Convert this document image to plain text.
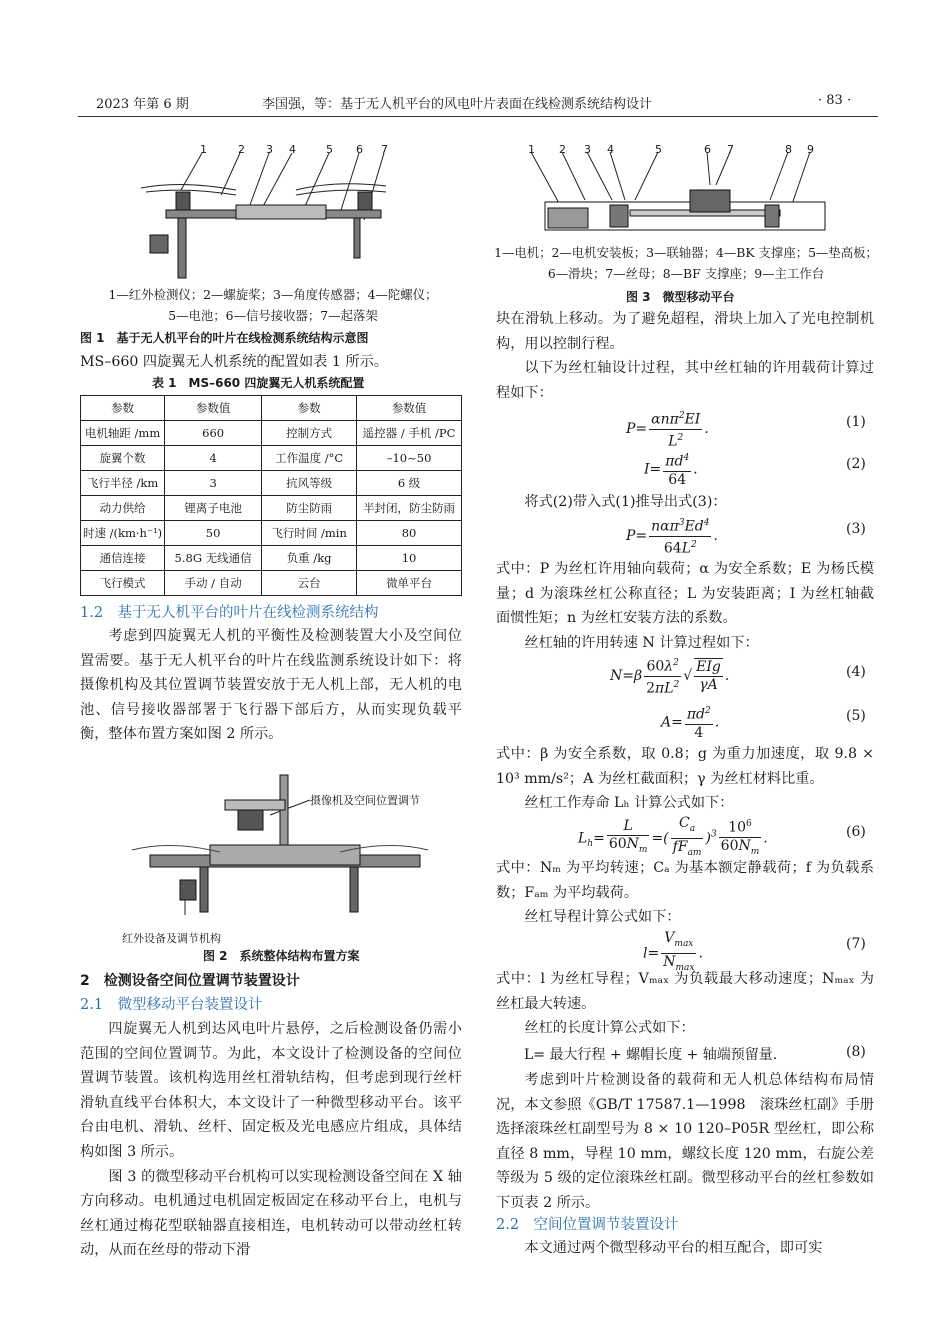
2023 年第 6 期	李国强，等：基于无人机平台的风电叶片表面在线检测系统结构设计	· 83 ·
1	2 3 4	5 6 7
1—红外检测仪；2—螺旋桨；3—角度传感器；4—陀螺仪；
5—电池；6—信号接收器；7—起落架
图 1　基于无人机平台的叶片在线检测系统结构示意图
MS–660 四旋翼无人机系统的配置如表 1 所示。
表 1　MS–660 四旋翼无人机系统配置
参数	参数值	参数	参数值
电机轴距 /mm	660	控制方式	遥控器 / 手机 /PC
旋翼个数	4	工作温度 /°C	–10~50
飞行半径 /km	3	抗风等级	6 级
动力供给	锂离子电池	防尘防雨	半封闭，防尘防雨
时速 /(km·h⁻¹)	50	飞行时间 /min	80
通信连接	5.8G 无线通信	负重 /kg	10
飞行模式	手动 / 自动	云台	微单平台
1.2　基于无人机平台的叶片在线检测系统结构

考虑到四旋翼无人机的平衡性及检测装置大小及空间位置需要。基于无人机平台的叶片在线监测系统设计如下：将摄像机构及其位置调节装置安放于无人机上部，无人机的电池、信号接收器部署于飞行器下部后方，从而实现负载平衡，整体布置方案如图 2 所示。

摄像机及空间位置调节
红外设备及调节机构
图 2　系统整体结构布置方案
2　检测设备空间位置调节装置设计
2.1　微型移动平台装置设计

四旋翼无人机到达风电叶片悬停，之后检测设备仍需小范围的空间位置调节。为此，本文设计了检测设备的空间位置调节装置。该机构选用丝杠滑轨结构，但考虑到现行丝杆滑轨直线平台体积大，本文设计了一种微型移动平台。该平台由电机、滑轨、丝杆、固定板及光电感应片组成，具体结构如图 3 所示。

图 3 的微型移动平台机构可以实现检测设备空间在 X 轴方向移动。电机通过电机固定板固定在移动平台上，电机与丝杠通过梅花型联轴器直接相连，电机转动可以带动丝杠转动，从而在丝母的带动下滑

1 2 3 4	5	6 7	8 9
1—电机；2—电机安装板；3—联轴器；4—BK 支撑座；5—垫高板；
6—滑块；7—丝母；8—BF 支撑座；9—主工作台
图 3　微型移动平台

块在滑轨上移动。为了避免超程，滑块上加入了光电控制机构，用以控制行程。

以下为丝杠轴设计过程，其中丝杠轴的许用载荷计算过程如下：

$P= \frac{\alpha n\pi^2EI}{L^2}$ .	(1)
$I= \frac{\pi d^4}{64}$ .	(2)

将式(2)带入式(1)推导出式(3)：

$P= \frac{n\alpha\pi^3Ed^4}{64L^2}$ .	(3)

式中：P 为丝杠许用轴向载荷；α 为安全系数；E 为杨氏模量；d 为滚珠丝杠公称直径；L 为安装距离；I 为丝杠轴截面惯性矩；n 为丝杠安装方法的系数。

丝杠轴的许用转速 N 计算过程如下：

$N=\beta \frac{60\lambda^2}{2\pi L^2}$ √ $\frac{\text{EIg}}{\gamma A}$ .	(4)
$A= \frac{\pi d^2}{4}$ .	(5)

式中：β 为安全系数，取 0.8；g 为重力加速度，取 9.8 × 10³ mm/s²；A 为丝杠截面积；γ 为丝杠材料比重。

丝杠工作寿命 Lₕ 计算公式如下：

$L_h= \frac{L}{60N_m}$ =( $\frac{C_a}{fF_{am}} )^3 \frac{10^6}{60N_m}$ .	(6)

式中：Nₘ 为平均转速；Cₐ 为基本额定静载荷；f 为负载系数；Fₐₘ 为平均载荷。

丝杠导程计算公式如下：

$l= \frac{V_{max}}{N_{max}}$ .
(7)

式中：l 为丝杠导程；Vₘₐₓ 为负载最大移动速度；Nₘₐₓ 为丝杠最大转速。

丝杠的长度计算公式如下：

L= 最大行程 + 螺帽长度 + 轴端预留量.	(8)

考虑到叶片检测设备的载荷和无人机总体结构布局情况，本文参照《GB/T 17587.1—1998　滚珠丝杠副》手册选择滚珠丝杠副型号为 8 × 10 120–P05R 型丝杠，即公称直径 8 mm，导程 10 mm，螺纹长度 120 mm，右旋公差等级为 5 级的定位滚珠丝杠副。微型移动平台的丝杠参数如下页表 2 所示。

2.2　空间位置调节装置设计

本文通过两个微型移动平台的相互配合，即可实
